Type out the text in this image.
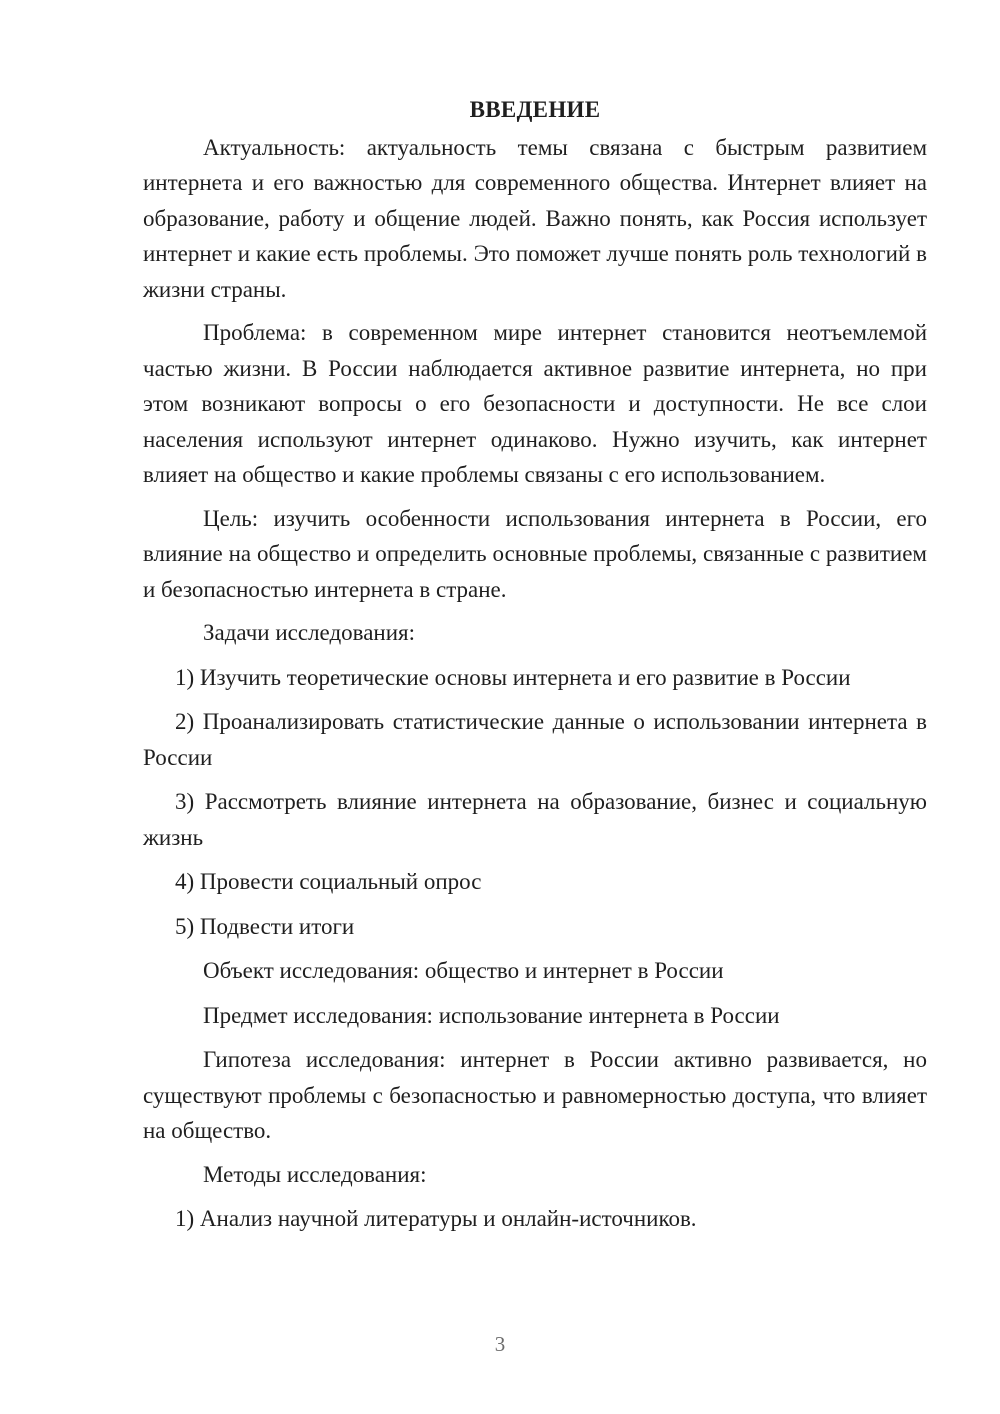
ВВЕДЕНИЕ

Актуальность: актуальность темы связана с быстрым развитием интернета и его важностью для современного общества. Интернет влияет на образование, работу и общение людей. Важно понять, как Россия использует интернет и какие есть проблемы. Это поможет лучше понять роль технологий в жизни страны.

Проблема: в современном мире интернет становится неотъемлемой частью жизни. В России наблюдается активное развитие интернета, но при этом возникают вопросы о его безопасности и доступности. Не все слои населения используют интернет одинаково. Нужно изучить, как интернет влияет на общество и какие проблемы связаны с его использованием.

Цель: изучить особенности использования интернета в России, его влияние на общество и определить основные проблемы, связанные с развитием и безопасностью интернета в стране.

Задачи исследования:

1) Изучить теоретические основы интернета и его развитие в России

2) Проанализировать статистические данные о использовании интернета в России

3) Рассмотреть влияние интернета на образование, бизнес и социальную жизнь

4) Провести социальный опрос

5) Подвести итоги

Объект исследования: общество и интернет в России

Предмет исследования: использование интернета в России

Гипотеза исследования: интернет в России активно развивается, но существуют проблемы с безопасностью и равномерностью доступа, что влияет на общество.

Методы исследования:

1) Анализ научной литературы и онлайн-источников.

3
